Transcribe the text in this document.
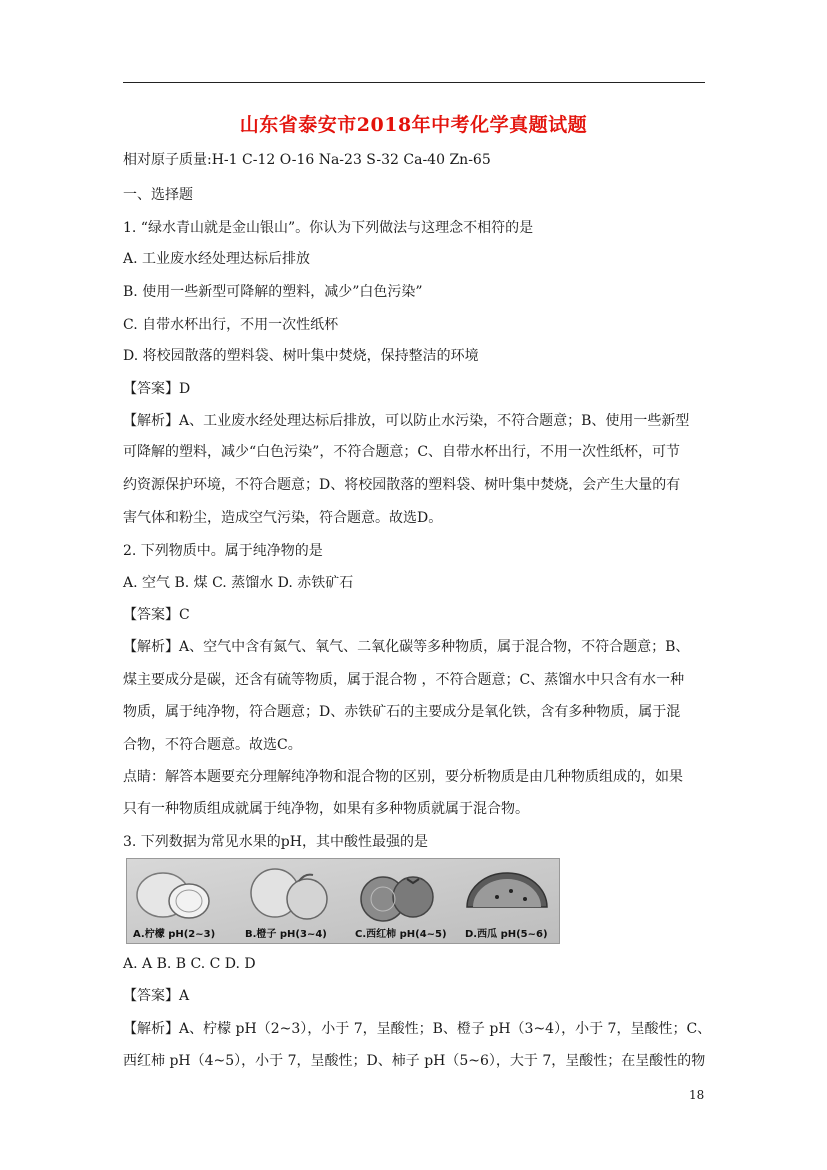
山东省泰安市2018年中考化学真题试题
相对原子质量:H-1 C-12 O-16 Na-23 S-32 Ca-40 Zn-65
一、选择题
1. “绿水青山就是金山银山”。你认为下列做法与这理念不相符的是
A. 工业废水经处理达标后排放
B. 使用一些新型可降解的塑料，减少”白色污染”
C. 自带水杯出行，不用一次性纸杯
D. 将校园散落的塑料袋、树叶集中焚烧，保持整洁的环境
【答案】D
【解析】A、工业废水经处理达标后排放，可以防止水污染，不符合题意；B、使用一些新型
可降解的塑料，减少“白色污染”，不符合题意；C、自带水杯出行，不用一次性纸杯，可节
约资源保护环境，不符合题意；D、将校园散落的塑料袋、树叶集中焚烧，会产生大量的有
害气体和粉尘，造成空气污染，符合题意。故选D。
2. 下列物质中。属于纯净物的是
A. 空气 B. 煤 C. 蒸馏水 D. 赤铁矿石
【答案】C
【解析】A、空气中含有氮气、氧气、二氧化碳等多种物质，属于混合物，不符合题意；B、
煤主要成分是碳，还含有硫等物质，属于混合物 ，不符合题意；C、蒸馏水中只含有水一种
物质，属于纯净物，符合题意；D、赤铁矿石的主要成分是氧化铁，含有多种物质，属于混
合物，不符合题意。故选C。
点睛：解答本题要充分理解纯净物和混合物的区别，要分析物质是由几种物质组成的，如果
只有一种物质组成就属于纯净物，如果有多种物质就属于混合物。
3. 下列数据为常见水果的pH，其中酸性最强的是
A.柠檬 pH(2~3)	B.橙子 pH(3~4)	C.西红柿 pH(4~5) D.西瓜 pH(5~6)
A. A B. B C. C D. D
【答案】A
【解析】A、柠檬 pH（2~3），小于 7，呈酸性；B、橙子 pH（3~4），小于 7，呈酸性；C、
西红柿 pH（4~5），小于 7，呈酸性；D、柿子 pH（5~6），大于 7，呈酸性；在呈酸性的物
18
